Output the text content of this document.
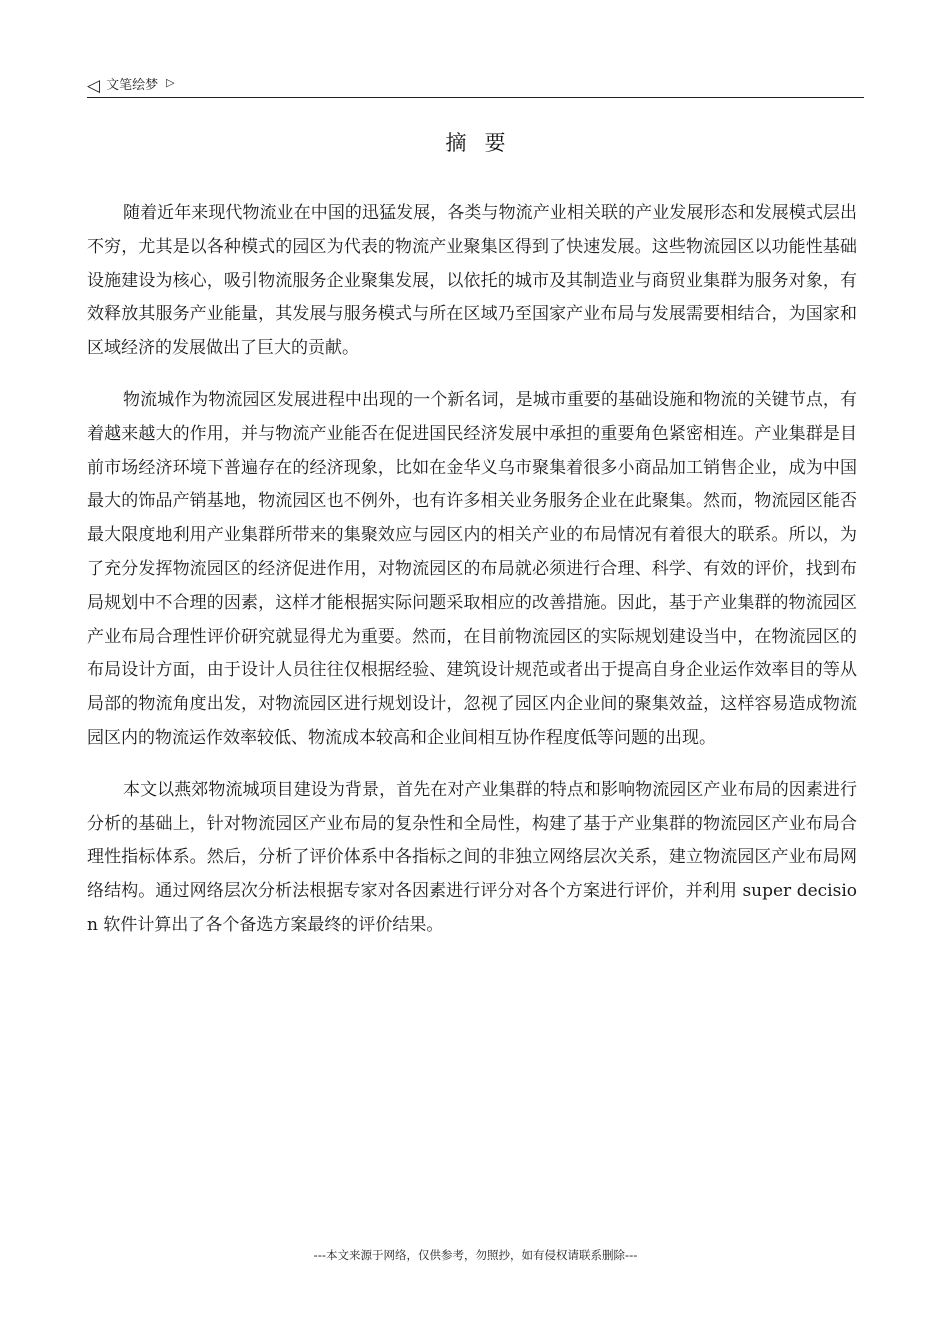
◁ 文笔绘梦 ▷
摘要

随着近年来现代物流业在中国的迅猛发展，各类与物流产业相关联的产业发展形态和发展模式层出不穷，尤其是以各种模式的园区为代表的物流产业聚集区得到了快速发展。这些物流园区以功能性基础设施建设为核心，吸引物流服务企业聚集发展，以依托的城市及其制造业与商贸业集群为服务对象，有效释放其服务产业能量，其发展与服务模式与所在区域乃至国家产业布局与发展需要相结合，为国家和区域经济的发展做出了巨大的贡献。

物流城作为物流园区发展进程中出现的一个新名词，是城市重要的基础设施和物流的关键节点，有着越来越大的作用，并与物流产业能否在促进国民经济发展中承担的重要角色紧密相连。产业集群是目前市场经济环境下普遍存在的经济现象，比如在金华义乌市聚集着很多小商品加工销售企业，成为中国最大的饰品产销基地，物流园区也不例外，也有许多相关业务服务企业在此聚集。然而，物流园区能否最大限度地利用产业集群所带来的集聚效应与园区内的相关产业的布局情况有着很大的联系。所以，为了充分发挥物流园区的经济促进作用，对物流园区的布局就必须进行合理、科学、有效的评价，找到布局规划中不合理的因素，这样才能根据实际问题采取相应的改善措施。因此，基于产业集群的物流园区产业布局合理性评价研究就显得尤为重要。然而，在目前物流园区的实际规划建设当中，在物流园区的布局设计方面，由于设计人员往往仅根据经验、建筑设计规范或者出于提高自身企业运作效率目的等从局部的物流角度出发，对物流园区进行规划设计，忽视了园区内企业间的聚集效益，这样容易造成物流园区内的物流运作效率较低、物流成本较高和企业间相互协作程度低等问题的出现。

本文以燕郊物流城项目建设为背景，首先在对产业集群的特点和影响物流园区产业布局的因素进行分析的基础上，针对物流园区产业布局的复杂性和全局性，构建了基于产业集群的物流园区产业布局合理性指标体系。然后，分析了评价体系中各指标之间的非独立网络层次关系，建立物流园区产业布局网络结构。通过网络层次分析法根据专家对各因素进行评分对各个方案进行评价，并利用 super decision 软件计算出了各个备选方案最终的评价结果。

---本文来源于网络，仅供参考，勿照抄，如有侵权请联系删除---
